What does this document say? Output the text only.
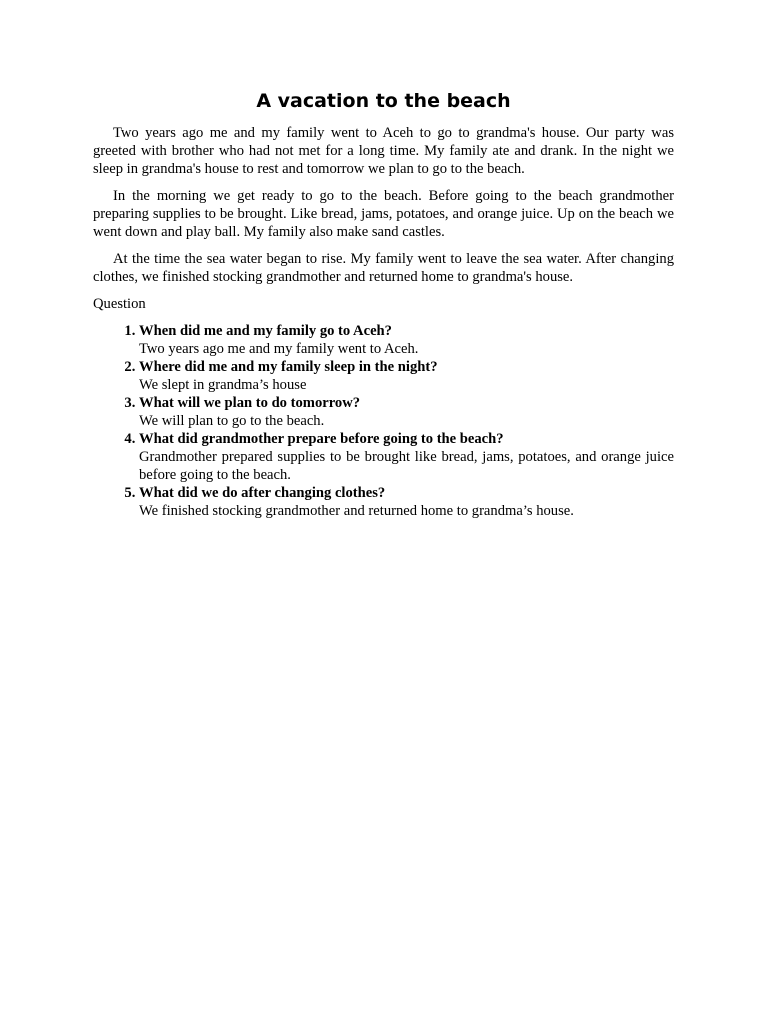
A vacation to the beach

Two years ago me and my family went to Aceh to go to grandma's house. Our party was greeted with brother who had not met for a long time. My family ate and drank. In the night we sleep in grandma's house to rest and tomorrow we plan to go to the beach.

In the morning we get ready to go to the beach. Before going to the beach grandmother preparing supplies to be brought. Like bread, jams, potatoes, and orange juice. Up on the beach we went down and play ball. My family also make sand castles.

At the time the sea water began to rise. My family went to leave the sea water. After changing clothes, we finished stocking grandmother and returned home to grandma's house.

Question

1. When did me and my family go to Aceh?
Two years ago me and my family went to Aceh.
2. Where did me and my family sleep in the night?
We slept in grandma’s house
3. What will we plan to do tomorrow?
We will plan to go to the beach.
4. What did grandmother prepare before going to the beach?
Grandmother prepared supplies to be brought like bread, jams, potatoes, and orange juice before going to the beach.
5. What did we do after changing clothes?
We finished stocking grandmother and returned home to grandma’s house.
